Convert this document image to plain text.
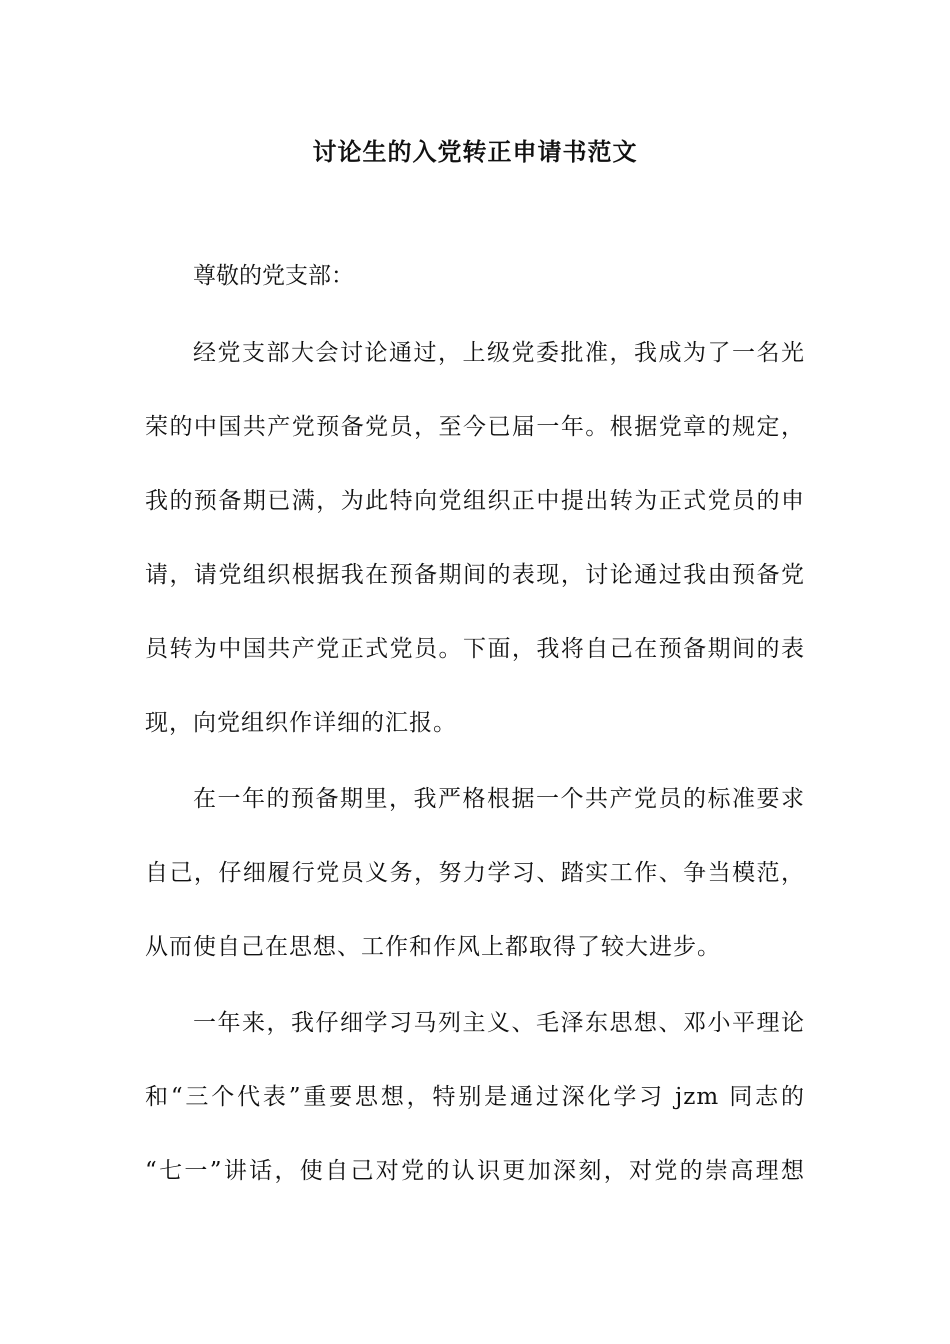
讨论生的入党转正申请书范文
尊敬的党支部：
经党支部大会讨论通过，上级党委批准，我成为了一名光
荣的中国共产党预备党员，至今已届一年。根据党章的规定，
我的预备期已满，为此特向党组织正中提出转为正式党员的申
请，请党组织根据我在预备期间的表现，讨论通过我由预备党
员转为中国共产党正式党员。下面，我将自己在预备期间的表
现，向党组织作详细的汇报。
在一年的预备期里，我严格根据一个共产党员的标准要求
自己，仔细履行党员义务，努力学习、踏实工作、争当模范，
从而使自己在思想、工作和作风上都取得了较大进步。
一年来，我仔细学习马列主义、毛泽东思想、邓小平理论
和“三个代表”重要思想，特别是通过深化学习 jzm 同志的
“七一”讲话，使自己对党的认识更加深刻，对党的崇高理想
